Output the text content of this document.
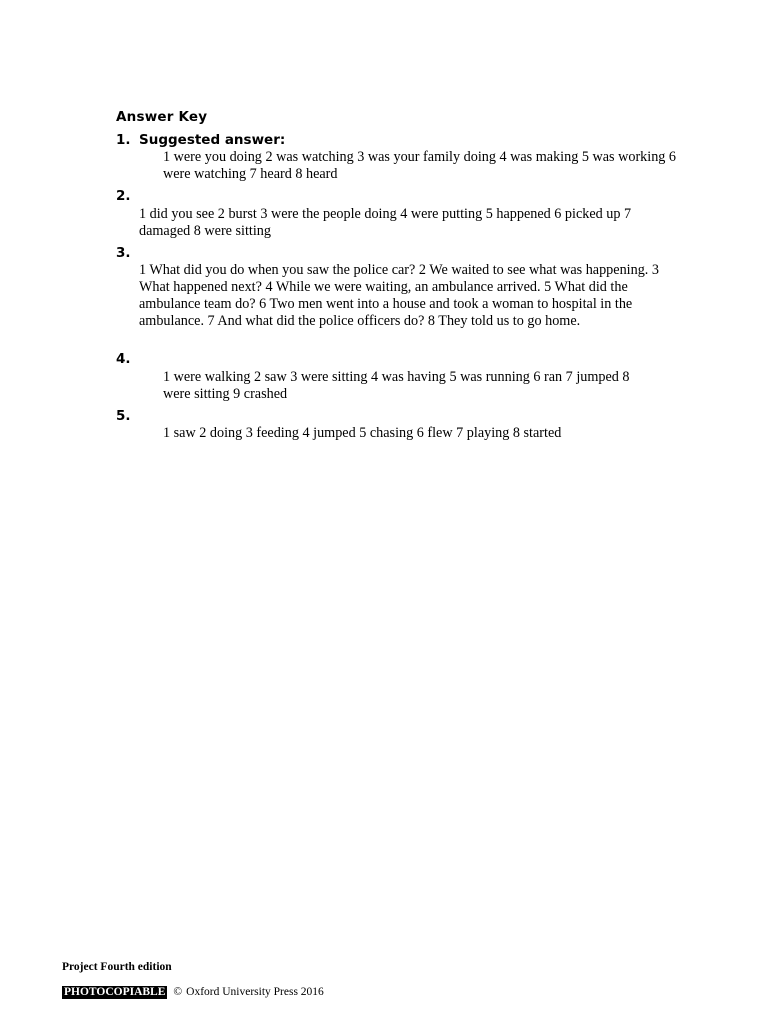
Answer Key
1. Suggested answer:
1 were you doing 2 was watching 3 was your family doing 4 was making 5 was working 6 were watching 7 heard 8 heard
2.
1 did you see 2 burst 3 were the people doing 4 were putting 5 happened 6 picked up 7 damaged 8 were sitting
3.
1 What did you do when you saw the police car? 2 We waited to see what was happening. 3 What happened next? 4 While we were waiting, an ambulance arrived. 5 What did the ambulance team do? 6 Two men went into a house and took a woman to hospital in the ambulance. 7 And what did the police officers do? 8 They told us to go home.
4.
1 were walking 2 saw 3 were sitting 4 was having 5 was running 6 ran 7 jumped 8 were sitting 9 crashed
5.
1 saw 2 doing 3 feeding 4 jumped 5 chasing 6 flew 7 playing 8 started
Project Fourth edition
PHOTOCOPIABLE © Oxford University Press 2016
